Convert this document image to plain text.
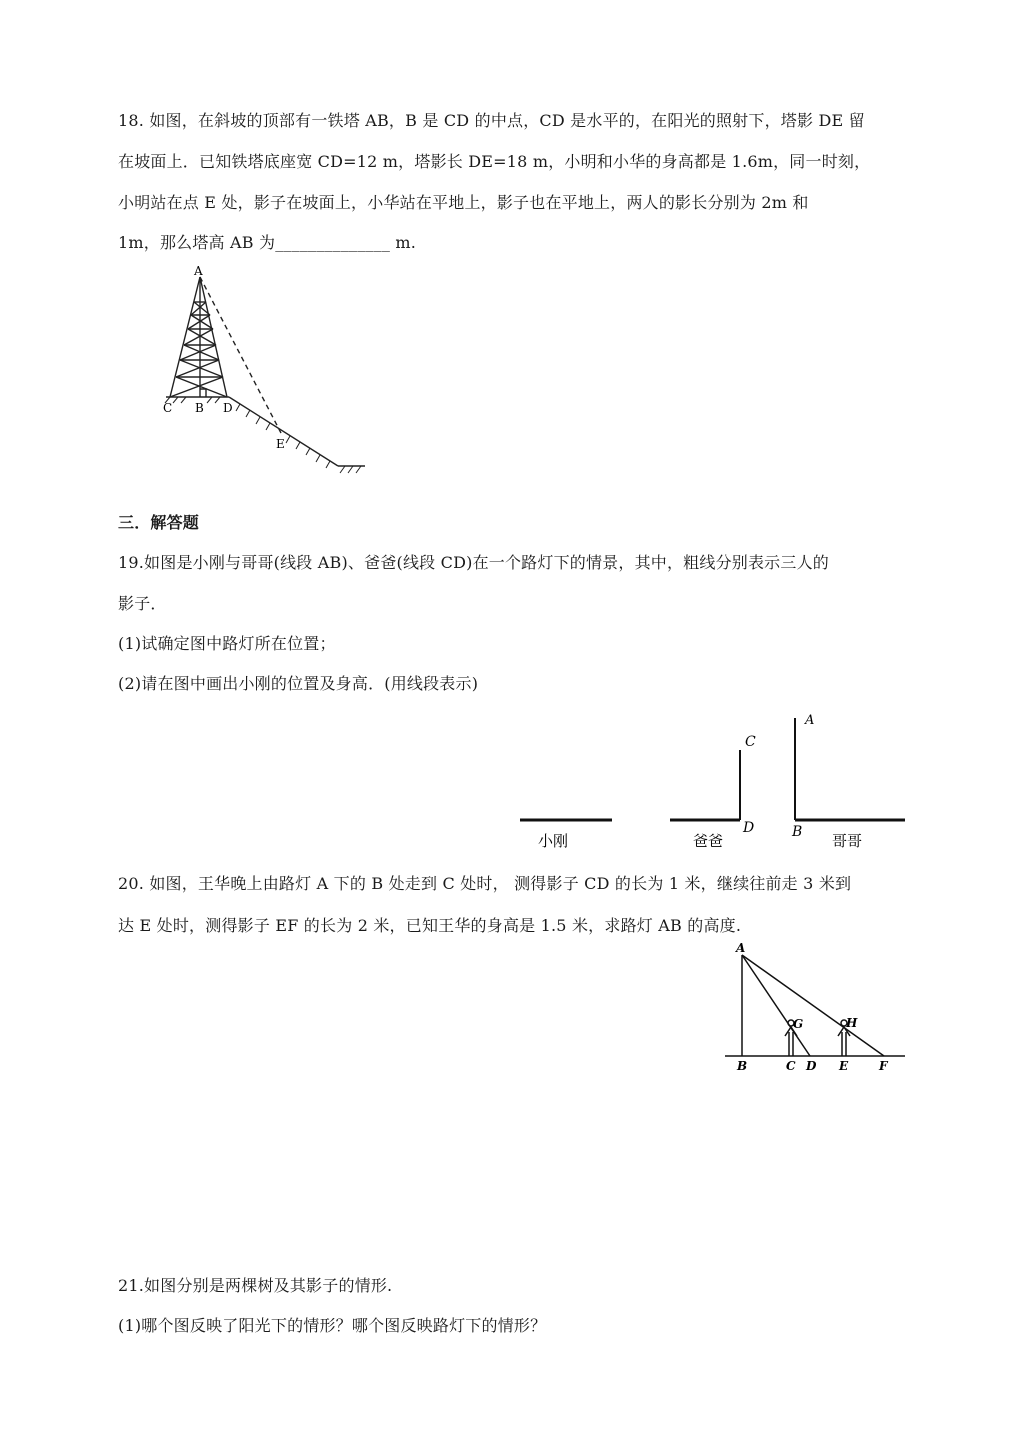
18. 如图，在斜坡的顶部有一铁塔 AB，B 是 CD 的中点，CD 是水平的，在阳光的照射下，塔影 DE 留
在坡面上．已知铁塔底座宽 CD=12 m，塔影长 DE=18 m，小明和小华的身高都是 1.6m，同一时刻，
小明站在点 E 处，影子在坡面上，小华站在平地上，影子也在平地上，两人的影长分别为 2m 和
1m，那么塔高 AB 为______________ m.
A
C B D
E
三．解答题
19.如图是小刚与哥哥(线段 AB)、爸爸(线段 CD)在一个路灯下的情景，其中，粗线分别表示三人的
影子．
(1)试确定图中路灯所在位置；
(2)请在图中画出小刚的位置及身高．(用线段表示)
小刚	爸爸	哥哥
C
D
A
B
20. 如图，王华晚上由路灯 A 下的 B 处走到 C 处时， 测得影子 CD 的长为 1 米，继续往前走 3 米到
达 E 处时，测得影子 EF 的长为 2 米，已知王华的身高是 1.5 米，求路灯 AB 的高度.
A
G	H
B	C D E	F
21.如图分别是两棵树及其影子的情形.
(1)哪个图反映了阳光下的情形？哪个图反映路灯下的情形？
